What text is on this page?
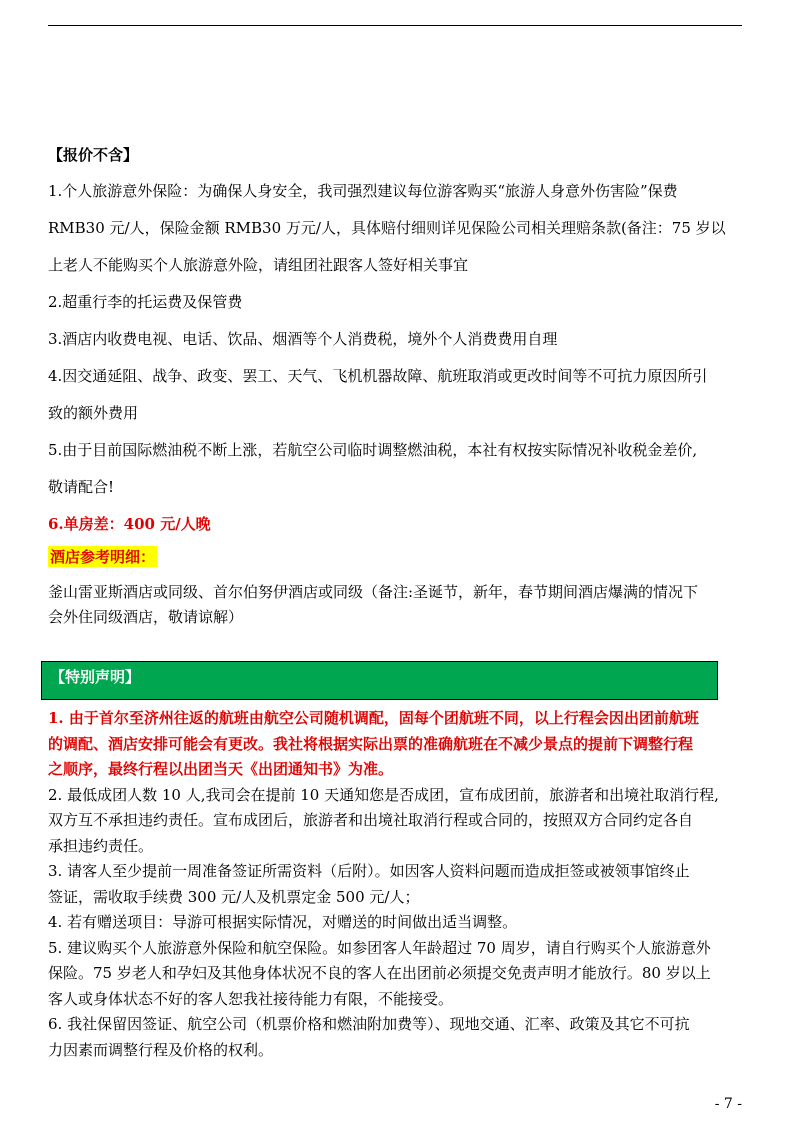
【报价不含】

1.个人旅游意外保险：为确保人身安全，我司强烈建议每位游客购买“旅游人身意外伤害险”保费

RMB30 元/人，保险金额 RMB30 万元/人，具体赔付细则详见保险公司相关理赔条款(备注：75 岁以

上老人不能购买个人旅游意外险，请组团社跟客人签好相关事宜

2.超重行李的托运费及保管费

3.酒店内收费电视、电话、饮品、烟酒等个人消费税，境外个人消费费用自理

4.因交通延阻、战争、政变、罢工、天气、飞机机器故障、航班取消或更改时间等不可抗力原因所引

致的额外费用

5.由于目前国际燃油税不断上涨，若航空公司临时调整燃油税，本社有权按实际情况补收税金差价,

敬请配合!

6.单房差：400 元/人晚

酒店参考明细：

釜山雷亚斯酒店或同级、首尔伯努伊酒店或同级（备注:圣诞节，新年，春节期间酒店爆满的情况下

会外住同级酒店，敬请谅解）

【特别声明】

1. 由于首尔至济州往返的航班由航空公司随机调配，固每个团航班不同，以上行程会因出团前航班

的调配、酒店安排可能会有更改。我社将根据实际出票的准确航班在不减少景点的提前下调整行程

之顺序，最终行程以出团当天《出团通知书》为准。

2. 最低成团人数 10 人,我司会在提前 10 天通知您是否成团，宣布成团前，旅游者和出境社取消行程,

双方互不承担违约责任。宣布成团后，旅游者和出境社取消行程或合同的，按照双方合同约定各自

承担违约责任。

3. 请客人至少提前一周准备签证所需资料（后附）。如因客人资料问题而造成拒签或被领事馆终止

签证，需收取手续费 300 元/人及机票定金 500 元/人；

4. 若有赠送项目：导游可根据实际情况，对赠送的时间做出适当调整。

5. 建议购买个人旅游意外保险和航空保险。如参团客人年龄超过 70 周岁，请自行购买个人旅游意外

保险。75 岁老人和孕妇及其他身体状况不良的客人在出团前必须提交免责声明才能放行。80 岁以上

客人或身体状态不好的客人恕我社接待能力有限，不能接受。

6. 我社保留因签证、航空公司（机票价格和燃油附加费等）、现地交通、汇率、政策及其它不可抗

力因素而调整行程及价格的权利。

- 7 -
